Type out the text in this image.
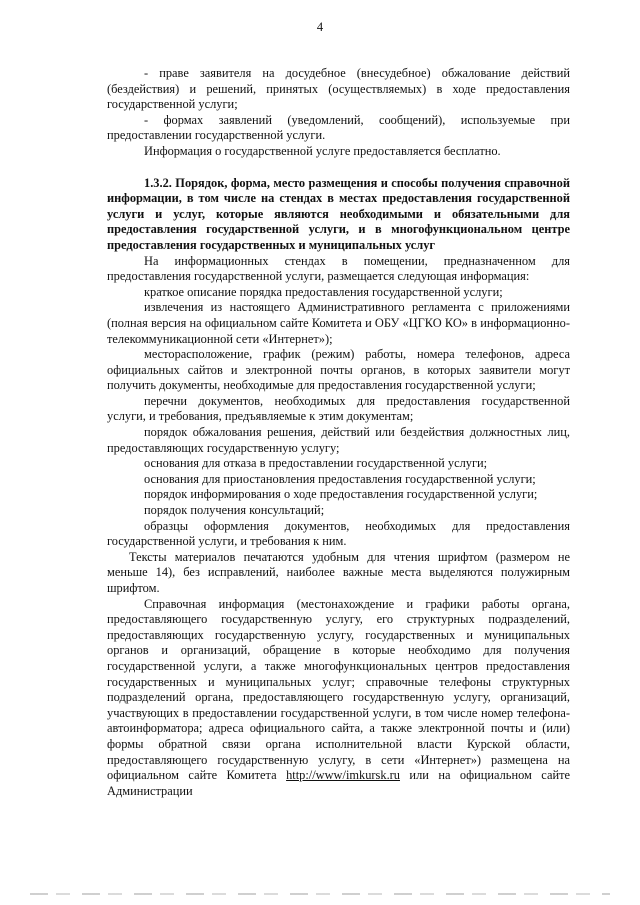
4

- праве заявителя на досудебное (внесудебное) обжалование действий (бездействия) и решений, принятых (осуществляемых) в ходе предоставления государственной услуги;

- формах заявлений (уведомлений, сообщений), используемые при предоставлении государственной услуги.

Информация о государственной услуге предоставляется бесплатно.

1.3.2. Порядок, форма, место размещения и способы получения справочной информации, в том числе на стендах в местах предоставления государственной услуги и услуг, которые являются необходимыми и обязательными для предоставления государственной услуги, и в многофункциональном центре предоставления государственных и муниципальных услуг

На информационных стендах в помещении, предназначенном для предоставления государственной услуги, размещается следующая информация:

краткое описание порядка предоставления государственной услуги;

извлечения из настоящего Административного регламента с приложениями (полная версия на официальном сайте Комитета и ОБУ «ЦГКО КО» в информационно-телекоммуникационной сети «Интернет»);

месторасположение, график (режим) работы, номера телефонов, адреса официальных сайтов и электронной почты органов, в которых заявители могут получить документы, необходимые для предоставления государственной услуги;

перечни документов, необходимых для предоставления государственной услуги, и требования, предъявляемые к этим документам;

порядок обжалования решения, действий или бездействия должностных лиц, предоставляющих государственную услугу;

основания для отказа в предоставлении государственной услуги;

основания для приостановления предоставления государственной услуги;

порядок информирования о ходе предоставления государственной услуги;

порядок получения консультаций;

образцы оформления документов, необходимых для предоставления государственной услуги, и требования к ним.

Тексты материалов печатаются удобным для чтения шрифтом (размером не меньше 14), без исправлений, наиболее важные места выделяются полужирным шрифтом.

Справочная информация (местонахождение и графики работы органа, предоставляющего государственную услугу, его структурных подразделений, предоставляющих государственную услугу, государственных и муниципальных органов и организаций, обращение в которые необходимо для получения государственной услуги, а также многофункциональных центров предоставления государственных и муниципальных услуг; справочные телефоны структурных подразделений органа, предоставляющего государственную услугу, организаций, участвующих в предоставлении государственной услуги, в том числе номер телефона-автоинформатора; адреса официального сайта, а также электронной почты и (или) формы обратной связи органа исполнительной власти Курской области, предоставляющего государственную услугу, в сети «Интернет») размещена на официальном сайте Комитета http://www/imkursk.ru или на официальном сайте Администрации
